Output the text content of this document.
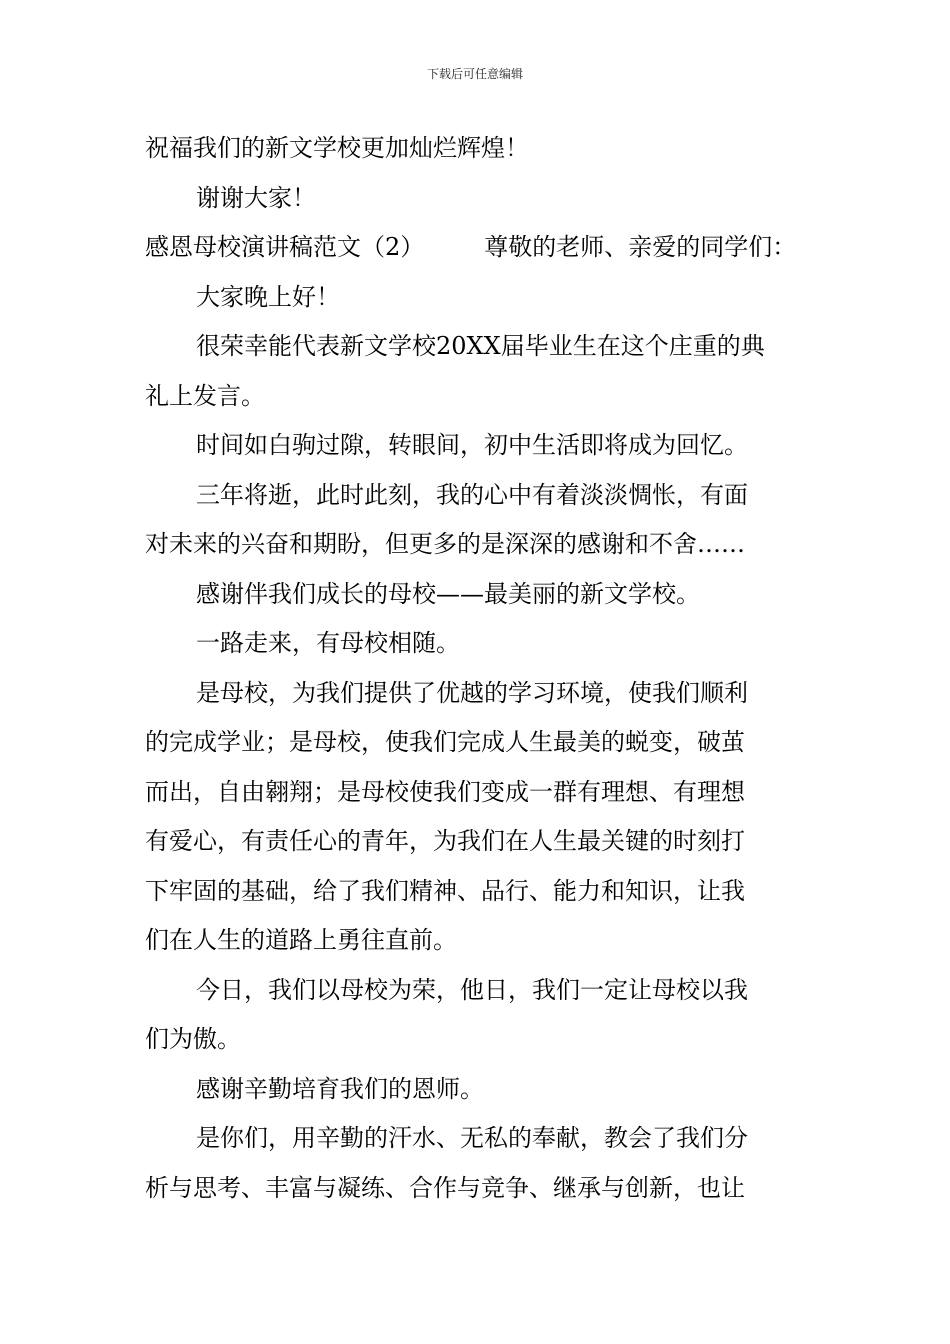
下载后可任意编辑
祝福我们的新文学校更加灿烂辉煌！
谢谢大家！
感恩母校演讲稿范文（2）	尊敬的老师、亲爱的同学们：
大家晚上好！
很荣幸能代表新文学校20XX届毕业生在这个庄重的典
礼上发言。
时间如白驹过隙，转眼间，初中生活即将成为回忆。
三年将逝，此时此刻，我的心中有着淡淡惆怅，有面
对未来的兴奋和期盼，但更多的是深深的感谢和不舍……
感谢伴我们成长的母校——最美丽的新文学校。
一路走来，有母校相随。
是母校，为我们提供了优越的学习环境，使我们顺利
的完成学业；是母校，使我们完成人生最美的蜕变，破茧
而出，自由翱翔；是母校使我们变成一群有理想、有理想
有爱心，有责任心的青年，为我们在人生最关键的时刻打
下牢固的基础，给了我们精神、品行、能力和知识，让我
们在人生的道路上勇往直前。
今日，我们以母校为荣，他日，我们一定让母校以我
们为傲。
感谢辛勤培育我们的恩师。
是你们，用辛勤的汗水、无私的奉献，教会了我们分
析与思考、丰富与凝练、合作与竞争、继承与创新，也让
